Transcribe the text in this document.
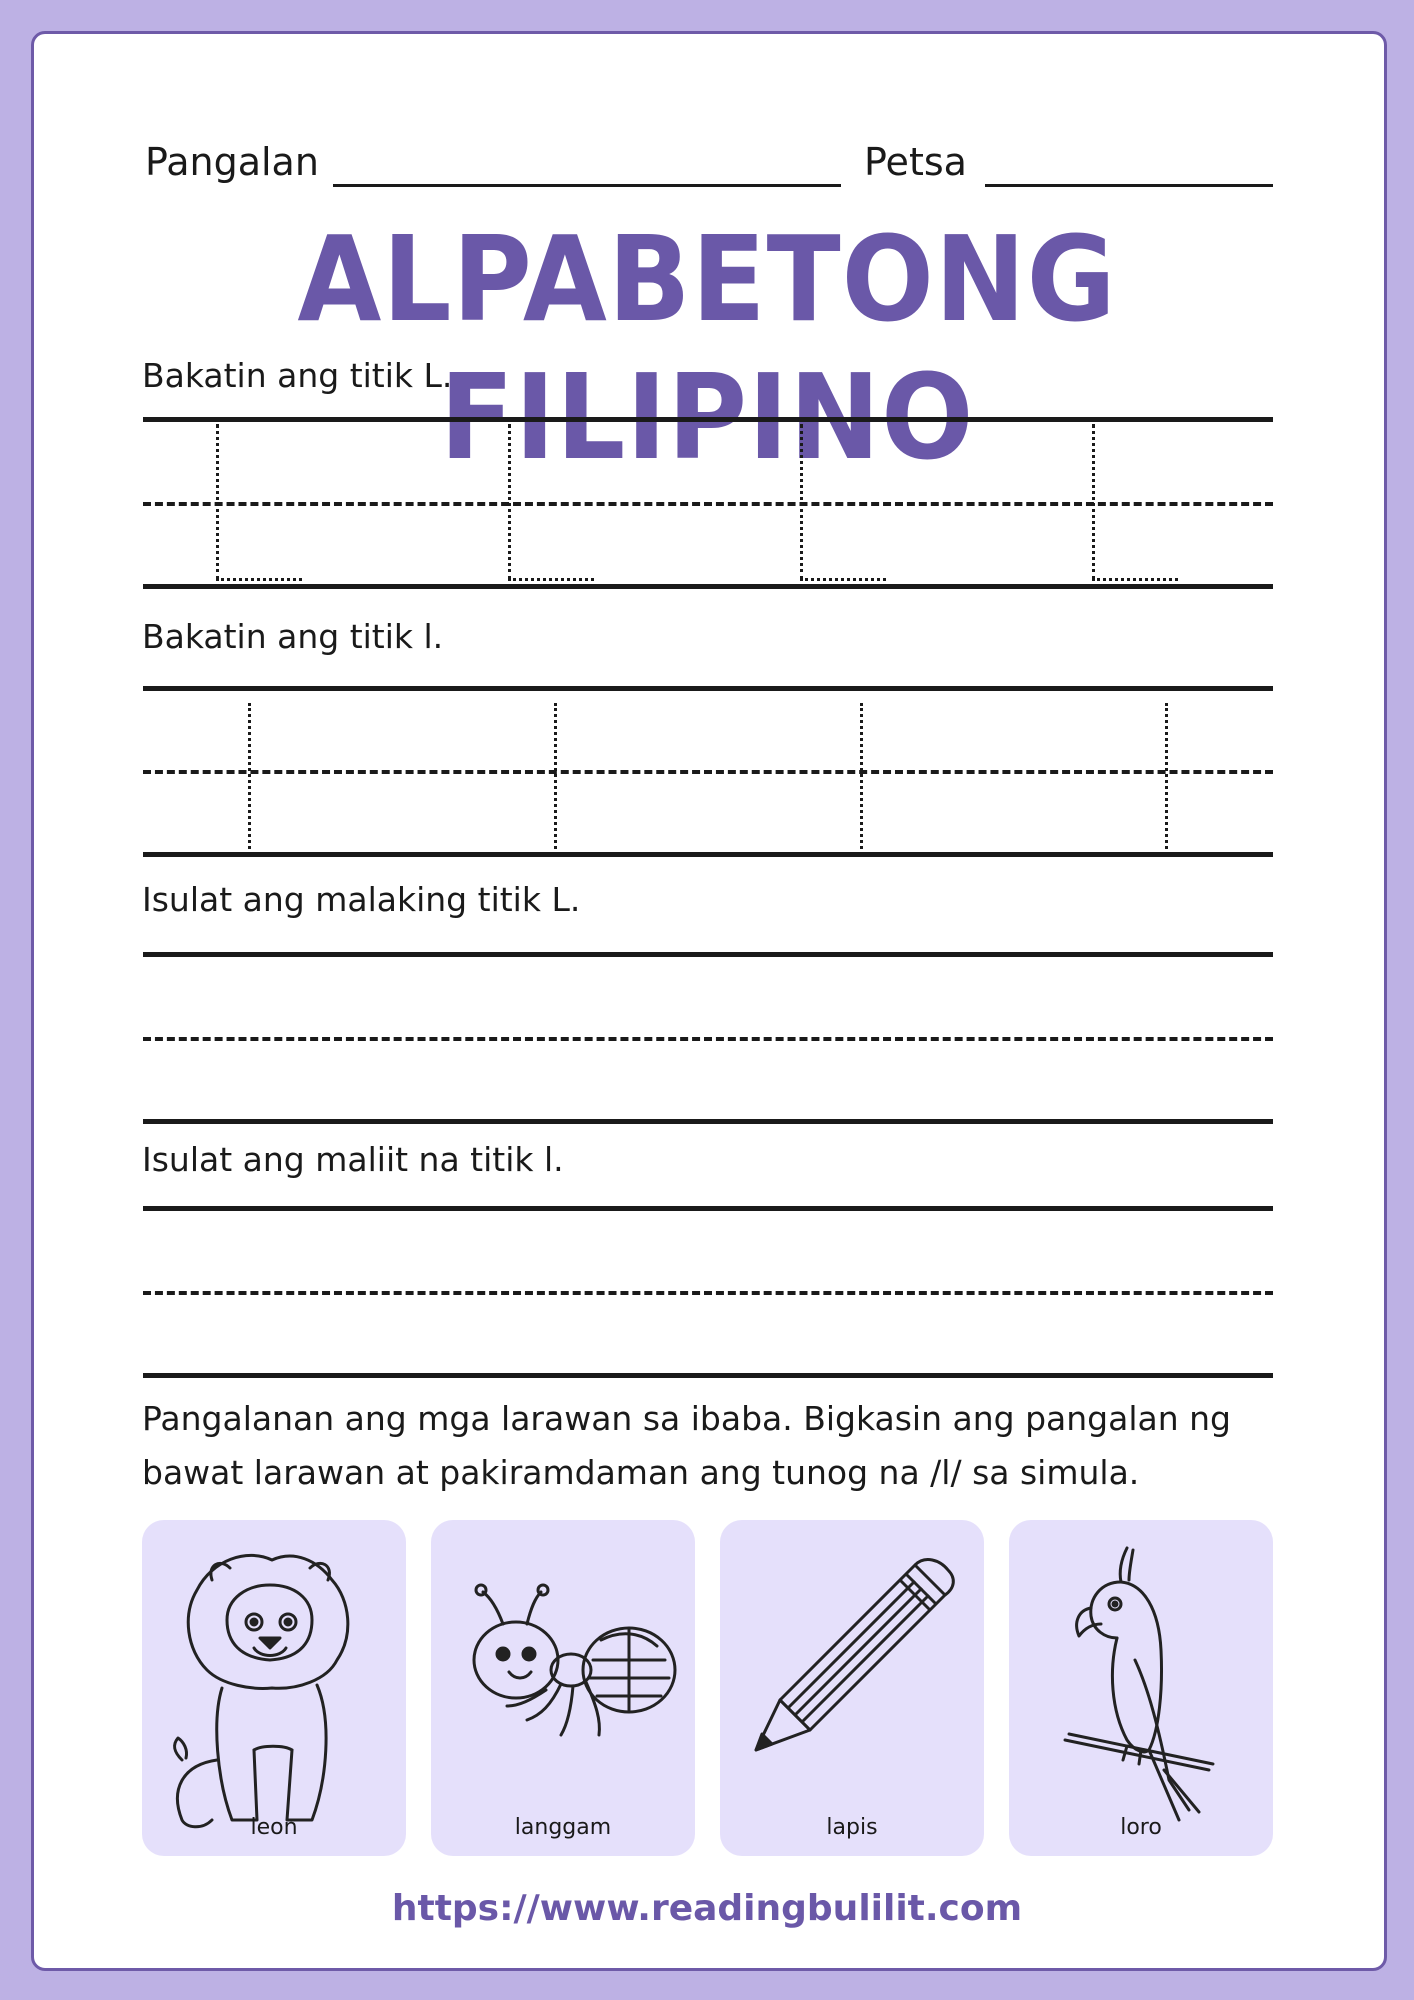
Pangalan	Petsa
ALPABETONG FILIPINO
Bakatin ang titik L.
Bakatin ang titik l.
Isulat ang malaking titik L.
Isulat ang maliit na titik l.
Pangalanan ang mga larawan sa ibaba. Bigkasin ang pangalan ng bawat larawan at pakiramdaman ang tunog na /l/ sa simula.
leon	langgam	lapis	loro
https://www.readingbulilit.com
